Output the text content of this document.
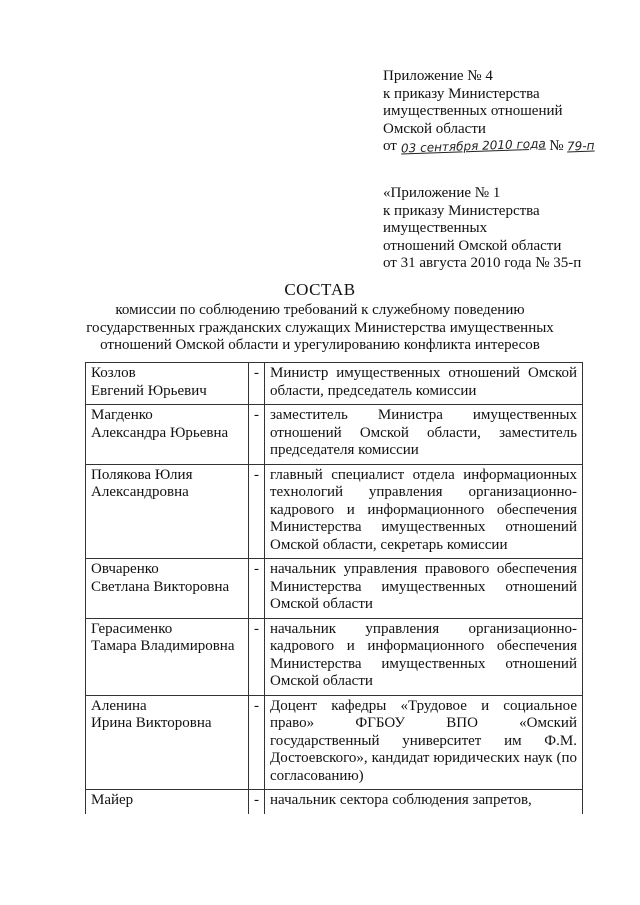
Приложение № 4
к приказу Министерства
имущественных отношений
Омской области
от 03 сентября 2010 года № 79-п
«Приложение № 1
к приказу Министерства
имущественных
отношений Омской области
от 31 августа 2010 года № 35-п
СОСТАВ
комиссии по соблюдению требований к служебному поведению государственных гражданских служащих Министерства имущественных отношений Омской области и урегулированию конфликта интересов
Козлов
Евгений Юрьевич	-	Министр имущественных отношений Омской области, председатель комиссии

Магденко
Александра Юрьевна	-	заместитель Министра имущественных отношений Омской области, заместитель председателя комиссии

Полякова Юлия
Александровна	-	главный специалист отдела информационных технологий управления организационно-кадрового и информационного обеспечения Министерства имущественных отношений Омской области, секретарь комиссии

Овчаренко
Светлана Викторовна	-	начальник управления правового обеспечения Министерства имущественных отношений Омской области

Герасименко
Тамара Владимировна	-	начальник управления организационно-кадрового и информационного обеспечения Министерства имущественных отношений Омской области

Аленина
Ирина Викторовна	-	Доцент кафедры «Трудовое и социальное право» ФГБОУ ВПО «Омский государственный университет им Ф.М. Достоевского», кандидат юридических наук (по согласованию)

Майер	-	начальник сектора соблюдения запретов,
